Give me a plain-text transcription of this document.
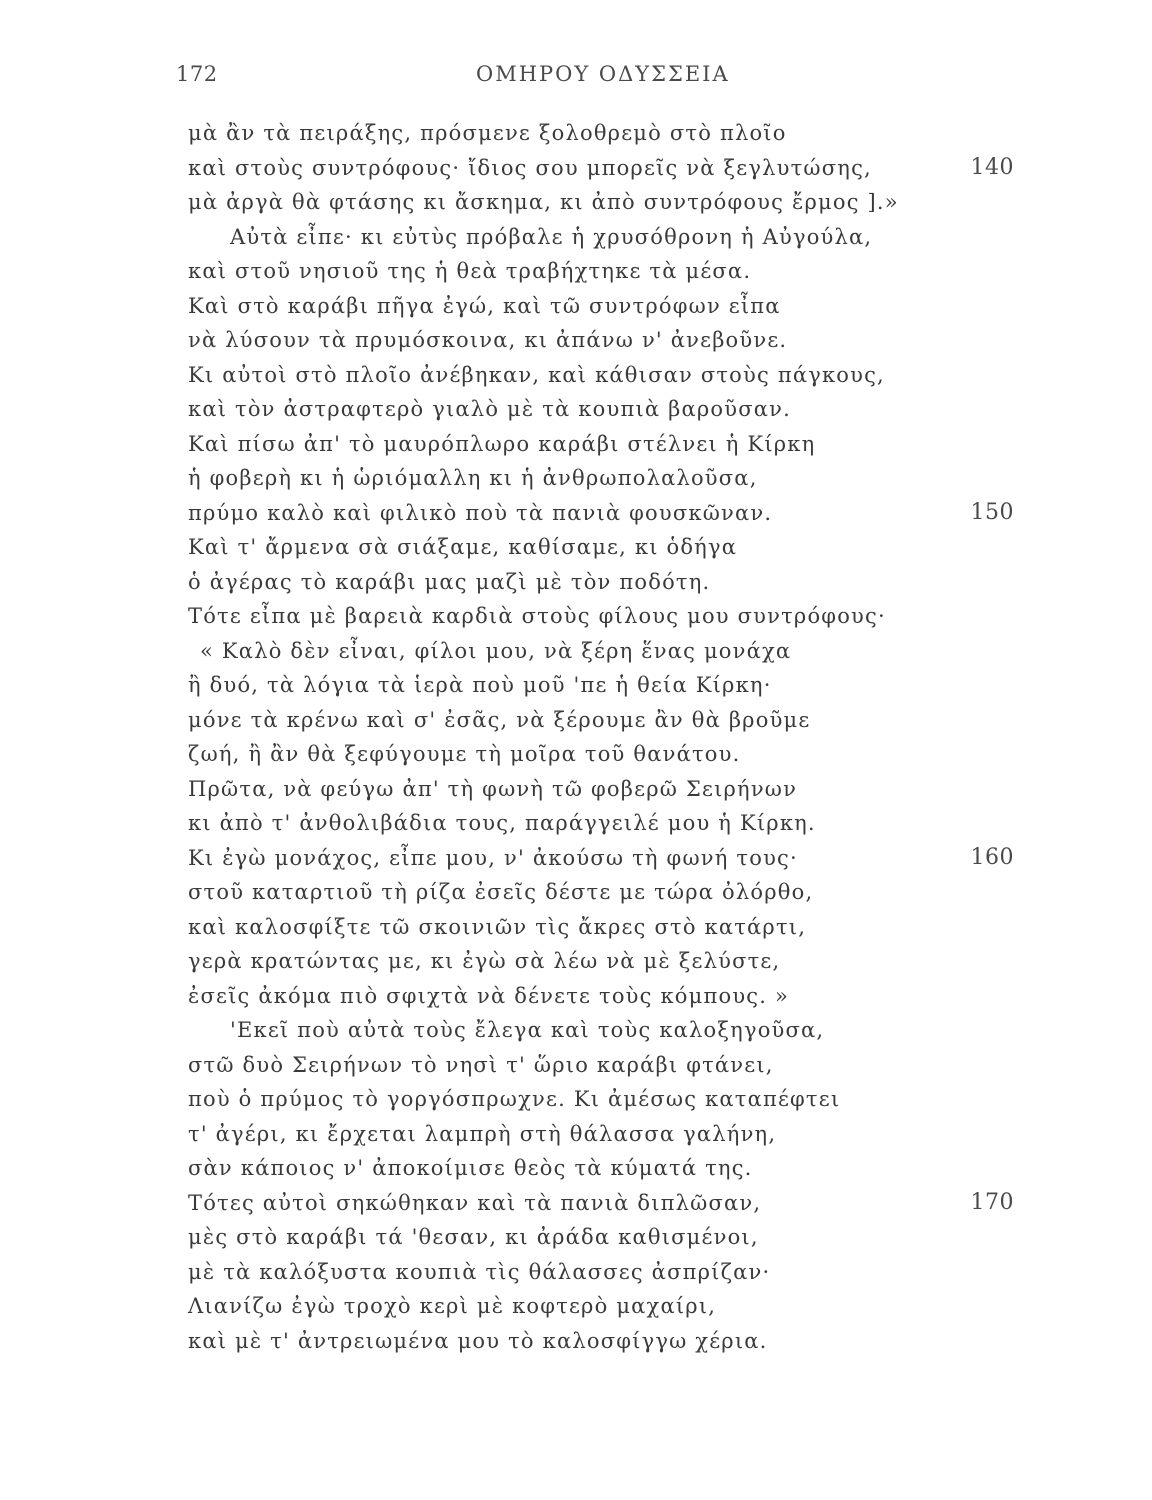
172	ΟΜΗΡΟΥ ΟΔΥΣΣΕΙΑ
μὰ ἂν τὰ πειράξης, πρόσμενε ξολοθρεμὸ στὸ πλοῖο
καὶ στοὺς συντρόφους· ἴδιος σου μπορεῖς νὰ ξεγλυτώσης,	140
μὰ ἀργὰ θὰ φτάσης κι ἄσκημα, κι ἀπὸ συντρόφους ἔρμος ].»
Αὐτὰ εἶπε· κι εὐτὺς πρόβαλε ἡ χρυσόθρονη ἡ Αὐγούλα,
καὶ στοῦ νησιοῦ της ἡ θεὰ τραβήχτηκε τὰ μέσα.
Καὶ στὸ καράβι πῆγα ἐγώ, καὶ τῶ συντρόφων εἶπα
νὰ λύσουν τὰ πρυμόσκοινα, κι ἀπάνω ν' ἀνεβοῦνε.
Κι αὐτοὶ στὸ πλοῖο ἀνέβηκαν, καὶ κάθισαν στοὺς πάγκους,
καὶ τὸν ἀστραφτερὸ γιαλὸ μὲ τὰ κουπιὰ βαροῦσαν.
Καὶ πίσω ἀπ' τὸ μαυρόπλωρο καράβι στέλνει ἡ Κίρκη
ἡ φοβερὴ κι ἡ ὡριόμαλλη κι ἡ ἀνθρωπολαλοῦσα,
πρύμο καλὸ καὶ φιλικὸ ποὺ τὰ πανιὰ φουσκῶναν.	150
Καὶ τ' ἄρμενα σὰ σιάξαμε, καθίσαμε, κι ὁδήγα
ὁ ἀγέρας τὸ καράβι μας μαζὶ μὲ τὸν ποδότη.
Τότε εἶπα μὲ βαρειὰ καρδιὰ στοὺς φίλους μου συντρόφους·
« Καλὸ δὲν εἶναι, φίλοι μου, νὰ ξέρη ἕνας μονάχα
ἢ δυό, τὰ λόγια τὰ ἱερὰ ποὺ μοῦ 'πε ἡ θεία Κίρκη·
μόνε τὰ κρένω καὶ σ' ἐσᾶς, νὰ ξέρουμε ἂν θὰ βροῦμε
ζωή, ἢ ἂν θὰ ξεφύγουμε τὴ μοῖρα τοῦ θανάτου.
Πρῶτα, νὰ φεύγω ἀπ' τὴ φωνὴ τῶ φοβερῶ Σειρήνων
κι ἀπὸ τ' ἀνθολιβάδια τους, παράγγειλέ μου ἡ Κίρκη.
Κι ἐγὼ μονάχος, εἶπε μου, ν' ἀκούσω τὴ φωνή τους·	160
στοῦ καταρτιοῦ τὴ ρίζα ἐσεῖς δέστε με τώρα ὀλόρθο,
καὶ καλοσφίξτε τῶ σκοινιῶν τὶς ἄκρες στὸ κατάρτι,
γερὰ κρατώντας με, κι ἐγὼ σὰ λέω νὰ μὲ ξελύστε,
ἐσεῖς ἀκόμα πιὸ σφιχτὰ νὰ δένετε τοὺς κόμπους. »
'Εκεῖ ποὺ αὐτὰ τοὺς ἔλεγα καὶ τοὺς καλοξηγοῦσα,
στῶ δυὸ Σειρήνων τὸ νησὶ τ' ὥριο καράβι φτάνει,
ποὺ ὁ πρύμος τὸ γοργόσπρωχνε. Κι ἀμέσως καταπέφτει
τ' ἀγέρι, κι ἔρχεται λαμπρὴ στὴ θάλασσα γαλήνη,
σὰν κάποιος ν' ἀποκοίμισε θεὸς τὰ κύματά της.
Τότες αὐτοὶ σηκώθηκαν καὶ τὰ πανιὰ διπλῶσαν,	170
μὲς στὸ καράβι τά 'θεσαν, κι ἀράδα καθισμένοι,
μὲ τὰ καλόξυστα κουπιὰ τὶς θάλασσες ἀσπρίζαν·
Λιανίζω ἐγὼ τροχὸ κερὶ μὲ κοφτερὸ μαχαίρι,
καὶ μὲ τ' ἀντρειωμένα μου τὸ καλοσφίγγω χέρια.
